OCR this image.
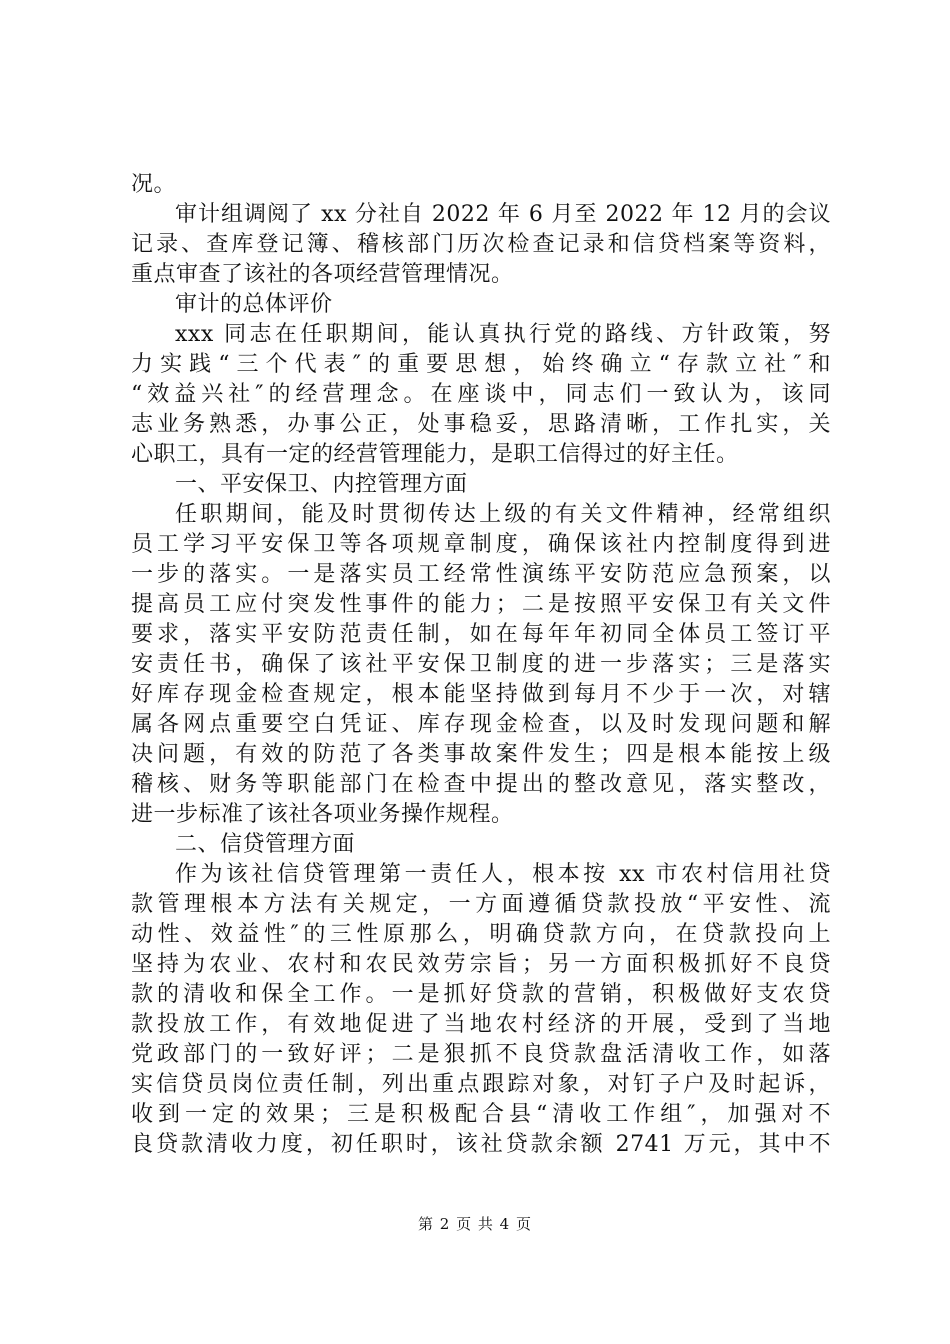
况。
审计组调阅了 xx 分社自 2022 年 6 月至 2022 年 12 月的会议
记录、查库登记簿、稽核部门历次检查记录和信贷档案等资料，
重点审查了该社的各项经营管理情况。
审计的总体评价
xxx 同志在任职期间，能认真执行党的路线、方针政策，努
力实践“三个代表″的重要思想，始终确立“存款立社″和
“效益兴社″的经营理念。在座谈中，同志们一致认为，该同
志业务熟悉，办事公正，处事稳妥，思路清晰，工作扎实，关
心职工，具有一定的经营管理能力，是职工信得过的好主任。
一、平安保卫、内控管理方面
任职期间，能及时贯彻传达上级的有关文件精神，经常组织
员工学习平安保卫等各项规章制度，确保该社内控制度得到进
一步的落实。一是落实员工经常性演练平安防范应急预案，以
提高员工应付突发性事件的能力；二是按照平安保卫有关文件
要求，落实平安防范责任制，如在每年年初同全体员工签订平
安责任书，确保了该社平安保卫制度的进一步落实；三是落实
好库存现金检查规定，根本能坚持做到每月不少于一次，对辖
属各网点重要空白凭证、库存现金检查，以及时发现问题和解
决问题，有效的防范了各类事故案件发生；四是根本能按上级
稽核、财务等职能部门在检查中提出的整改意见，落实整改，
进一步标准了该社各项业务操作规程。
二、信贷管理方面
作为该社信贷管理第一责任人，根本按 xx 市农村信用社贷
款管理根本方法有关规定，一方面遵循贷款投放“平安性、流
动性、效益性″的三性原那么，明确贷款方向，在贷款投向上
坚持为农业、农村和农民效劳宗旨；另一方面积极抓好不良贷
款的清收和保全工作。一是抓好贷款的营销，积极做好支农贷
款投放工作，有效地促进了当地农村经济的开展，受到了当地
党政部门的一致好评；二是狠抓不良贷款盘活清收工作，如落
实信贷员岗位责任制，列出重点跟踪对象，对钉子户及时起诉，
收到一定的效果；三是积极配合县“清收工作组″，加强对不
良贷款清收力度，初任职时，该社贷款余额 2741 万元，其中不
第 2 页 共 4 页
